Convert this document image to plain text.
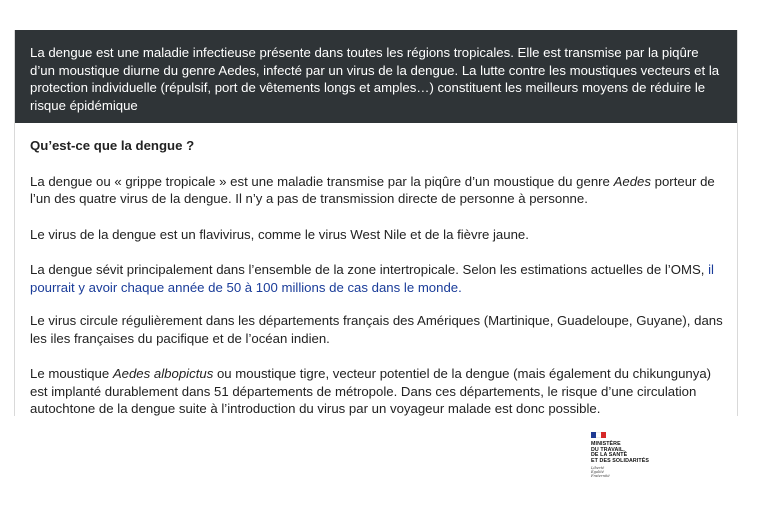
La dengue est une maladie infectieuse présente dans toutes les régions tropicales. Elle est transmise par la piqûre d’un moustique diurne du genre Aedes, infecté par un virus de la dengue. La lutte contre les moustiques vecteurs et la protection individuelle (répulsif, port de vêtements longs et amples…) constituent les meilleurs moyens de réduire le risque épidémique
Qu’est-ce que la dengue ?

La dengue ou « grippe tropicale » est une maladie transmise par la piqûre d’un moustique du genre Aedes porteur de l’un des quatre virus de la dengue. Il n’y a pas de transmission directe de personne à personne.

Le virus de la dengue est un flavivirus, comme le virus West Nile et de la fièvre jaune.

La dengue sévit principalement dans l’ensemble de la zone intertropicale. Selon les estimations actuelles de l’OMS, il pourrait y avoir chaque année de 50 à 100 millions de cas dans le monde.

Le virus circule régulièrement dans les départements français des Amériques (Martinique, Guadeloupe, Guyane), dans les iles françaises du pacifique et de l’océan indien.

Le moustique Aedes albopictus ou moustique tigre, vecteur potentiel de la dengue (mais également du chikungunya) est implanté durablement dans 51 départements de métropole. Dans ces départements, le risque d’une circulation autochtone de la dengue suite à l’introduction du virus par un voyageur malade est donc possible.

MINISTÈRE
DU TRAVAIL,
DE LA SANTÉ
ET DES SOLIDARITÉS
Liberté
Égalité
Fraternité
